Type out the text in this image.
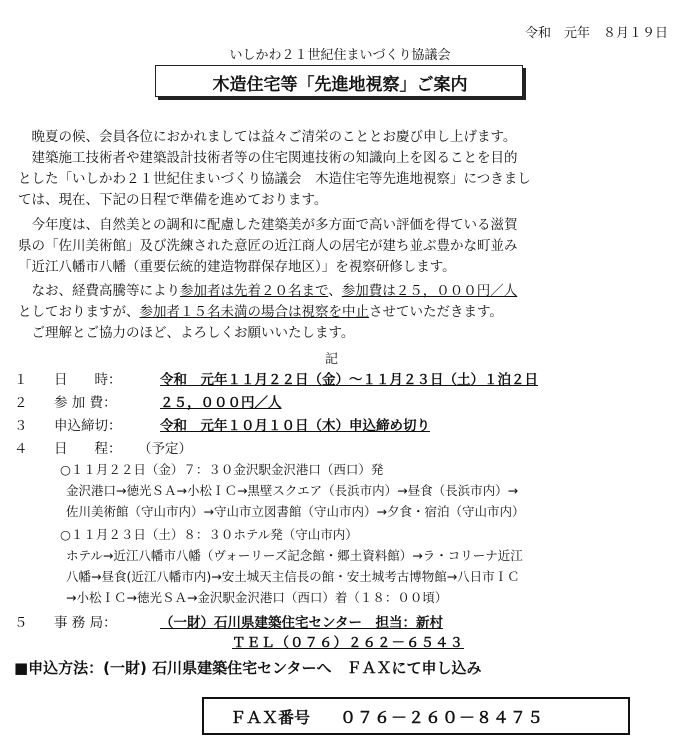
令和　元年　８月１９日
いしかわ２１世紀住まいづくり協議会
木造住宅等「先進地視察」ご案内

　晩夏の候、会員各位におかれましては益々ご清栄のこととお慶び申し上げます。

　建築施工技術者や建築設計技術者等の住宅関連技術の知識向上を図ることを目的

とした「いしかわ２１世紀住まいづくり協議会　木造住宅等先進地視察」につきまし

ては、現在、下記の日程で準備を進めております。

　今年度は、自然美との調和に配慮した建築美が多方面で高い評価を得ている滋賀

県の「佐川美術館」及び洗練された意匠の近江商人の居宅が建ち並ぶ豊かな町並み

「近江八幡市八幡（重要伝統的建造物群保存地区）」を視察研修します。

　なお、経費高騰等により参加者は先着２０名まで、参加費は２５，０００円／人

としておりますが、参加者１５名未満の場合は視察を中止させていただきます。

　ご理解とご協力のほど、よろしくお願いいたします。

記
１ 日　　時：	令和　元年１１月２２日（金）～１１月２３日（土）１泊２日
２ 参 加 費：	２５，０００円／人
３ 申込締切：	令和　元年１０月１０日（木）申込締め切り
４ 日　　程： （予定）
○１１月２２日（金）７：３０金沢駅金沢港口（西口）発
金沢港口→徳光ＳＡ→小松ＩＣ→黒壁スクエア（長浜市内）→昼食（長浜市内）→
佐川美術館（守山市内）→守山市立図書館（守山市内）→夕食・宿泊（守山市内）
○１１月２３日（土）８：３０ホテル発（守山市内）
ホテル→近江八幡市八幡（ヴォーリーズ記念館・郷土資料館）→ラ・コリーナ近江
八幡→昼食(近江八幡市内)→安土城天主信長の館・安土城考古博物館→八日市ＩＣ
→小松ＩＣ→徳光ＳＡ→金沢駅金沢港口（西口）着（１８：００頃）
５ 事 務 局：	（一財）石川県建築住宅センター　担当：新村
ＴＥＬ（０７６）２６２－６５４３
■申込方法：(一財) 石川県建築住宅センターへ　ＦＡＸにて申し込み
ＦＡＸ番号 ０７６－２６０－８４７５
